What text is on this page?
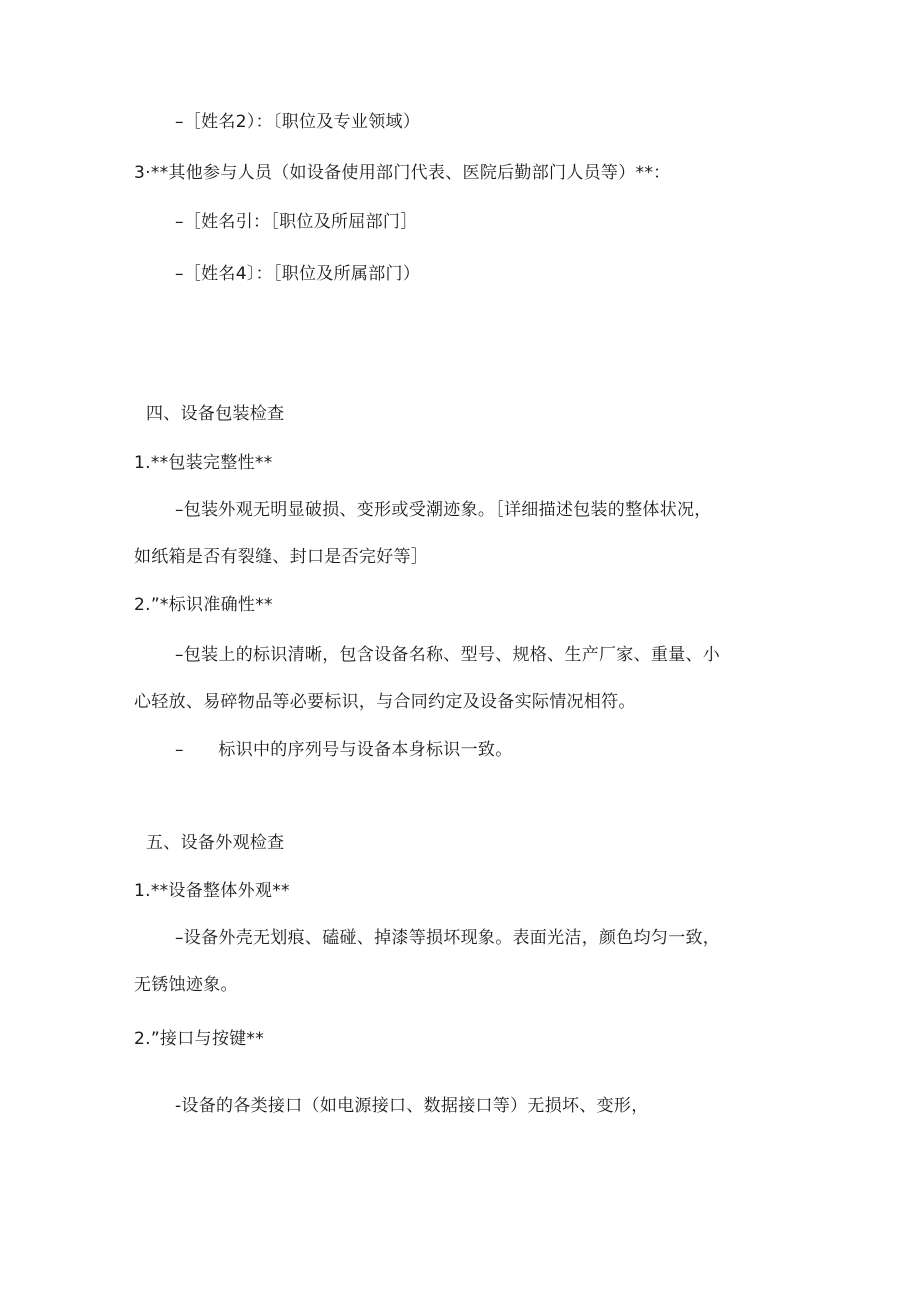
–［姓名2）：〔职位及专业领域）
3·**其他参与人员（如设备使用部门代表、医院后勤部门人员等）**：
–［姓名引：［职位及所屈部门］
–［姓名4〕：［职位及所属部门）
四、设备包装检查
1.**包装完整性**
–包装外观无明显破损、变形或受潮迹象。［详细描述包装的整体状况，
如纸箱是否有裂缝、封口是否完好等］
2.”*标识准确性**
–包装上的标识清晰，包含设备名称、型号、规格、生产厂家、重量、小
心轻放、易碎物品等必要标识，与合同约定及设备实际情况相符。
–　　标识中的序列号与设备本身标识一致。
五、设备外观检查
1.**设备整体外观**
–设备外壳无划痕、磕碰、掉漆等损坏现象。表面光洁，颜色均匀一致，
无锈蚀迹象。
2.”接口与按键**
-设备的各类接口（如电源接口、数据接口等）无损坏、变形，
